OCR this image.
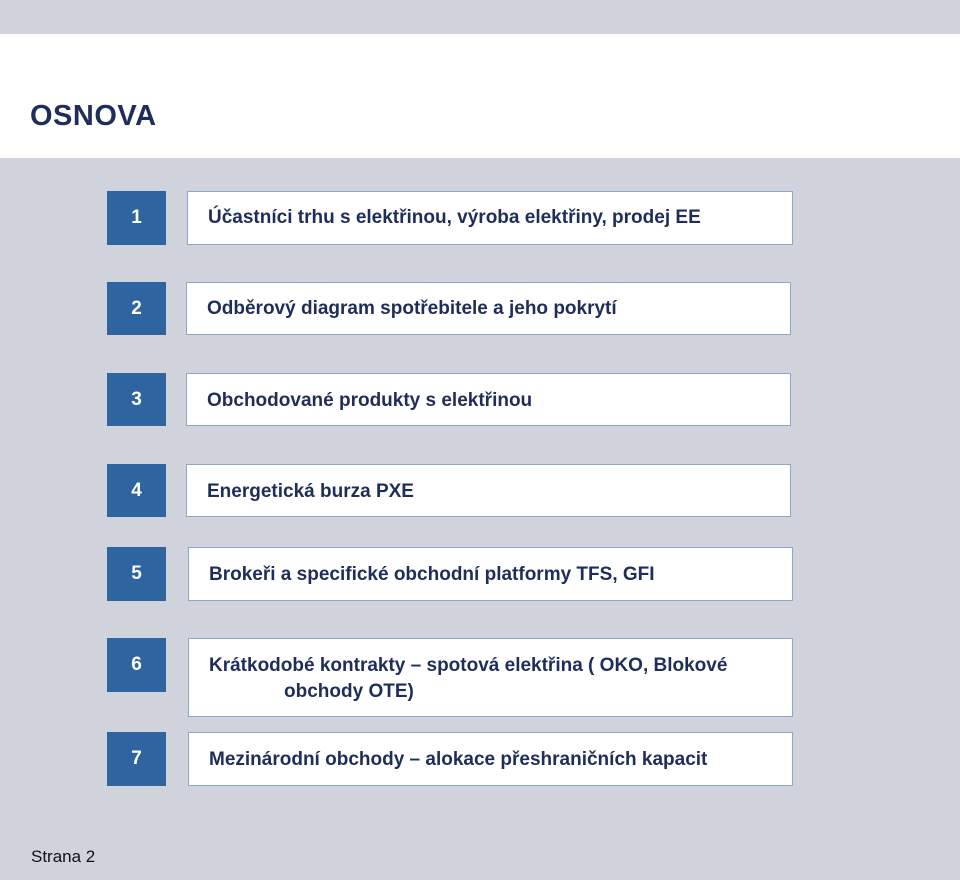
OSNOVA
1	Účastníci trhu s elektřinou, výroba elektřiny, prodej EE
2	Odběrový diagram spotřebitele a jeho pokrytí
3	Obchodované produkty s elektřinou
4	Energetická burza PXE
5	Brokeři a specifické obchodní platformy TFS, GFI
6	Krátkodobé kontrakty – spotová elektřina ( OKO, Blokové
obchody OTE)
7	Mezinárodní obchody – alokace přeshraničních kapacit
Strana 2
